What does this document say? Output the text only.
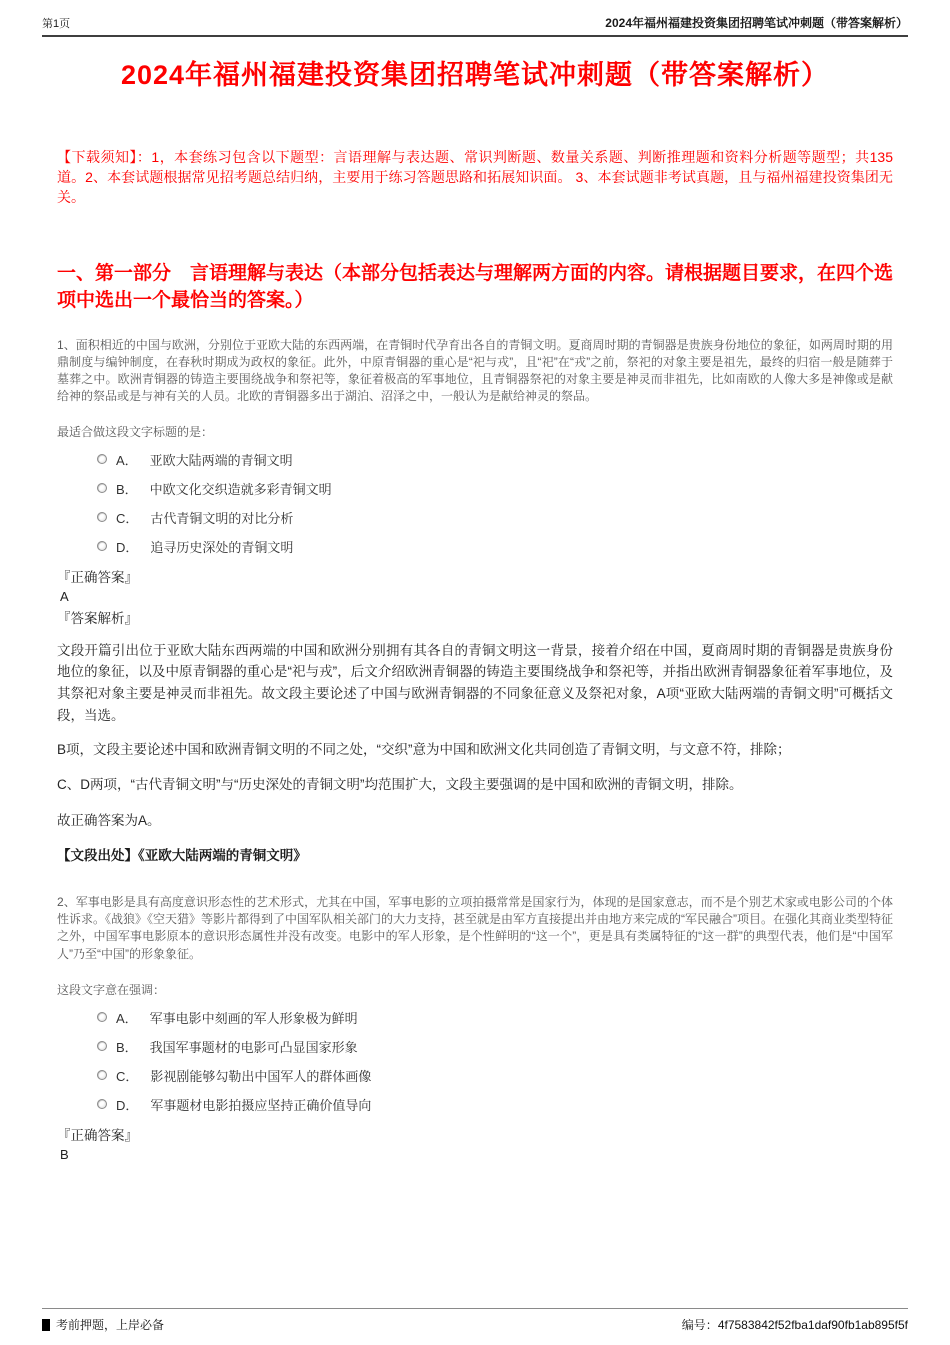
第1页	2024年福州福建投资集团招聘笔试冲刺题（带答案解析）
2024年福州福建投资集团招聘笔试冲刺题（带答案解析）

【下载须知】：1，本套练习包含以下题型：言语理解与表达题、常识判断题、数量关系题、判断推理题和资料分析题等题型；共135道。2、本套试题根据常见招考题总结归纳，主要用于练习答题思路和拓展知识面。 3、本套试题非考试真题，且与福州福建投资集团无关。

一、第一部分　言语理解与表达（本部分包括表达与理解两方面的内容。请根据题目要求，在四个选项中选出一个最恰当的答案。）

1、面积相近的中国与欧洲，分别位于亚欧大陆的东西两端，在青铜时代孕育出各自的青铜文明。夏商周时期的青铜器是贵族身份地位的象征，如两周时期的用鼎制度与编钟制度，在春秋时期成为政权的象征。此外，中原青铜器的重心是“祀与戎”，且“祀”在“戎”之前，祭祀的对象主要是祖先，最终的归宿一般是随葬于墓葬之中。欧洲青铜器的铸造主要围绕战争和祭祀等，象征着极高的军事地位，且青铜器祭祀的对象主要是神灵而非祖先，比如南欧的人像大多是神像或是献给神的祭品或是与神有关的人员。北欧的青铜器多出于湖泊、沼泽之中，一般认为是献给神灵的祭品。

最适合做这段文字标题的是：

A． 亚欧大陆两端的青铜文明
B． 中欧文化交织造就多彩青铜文明
C． 古代青铜文明的对比分析
D． 追寻历史深处的青铜文明

『正确答案』

A

『答案解析』

文段开篇引出位于亚欧大陆东西两端的中国和欧洲分别拥有其各自的青铜文明这一背景，接着介绍在中国，夏商周时期的青铜器是贵族身份地位的象征，以及中原青铜器的重心是“祀与戎”，后文介绍欧洲青铜器的铸造主要围绕战争和祭祀等，并指出欧洲青铜器象征着军事地位，及其祭祀对象主要是神灵而非祖先。故文段主要论述了中国与欧洲青铜器的不同象征意义及祭祀对象，A项“亚欧大陆两端的青铜文明”可概括文段，当选。

B项，文段主要论述中国和欧洲青铜文明的不同之处，“交织”意为中国和欧洲文化共同创造了青铜文明，与文意不符，排除；

C、D两项，“古代青铜文明”与“历史深处的青铜文明”均范围扩大，文段主要强调的是中国和欧洲的青铜文明，排除。

故正确答案为A。

【文段出处】《亚欧大陆两端的青铜文明》

2、军事电影是具有高度意识形态性的艺术形式，尤其在中国，军事电影的立项拍摄常常是国家行为，体现的是国家意志，而不是个别艺术家或电影公司的个体性诉求。《战狼》《空天猎》等影片都得到了中国军队相关部门的大力支持，甚至就是由军方直接提出并由地方来完成的“军民融合”项目。在强化其商业类型特征之外，中国军事电影原本的意识形态属性并没有改变。电影中的军人形象，是个性鲜明的“这一个”，更是具有类属特征的“这一群”的典型代表，他们是“中国军人”乃至“中国”的形象象征。

这段文字意在强调：

A． 军事电影中刻画的军人形象极为鲜明
B． 我国军事题材的电影可凸显国家形象
C． 影视剧能够勾勒出中国军人的群体画像
D． 军事题材电影拍摄应坚持正确价值导向

『正确答案』

B

考前押题，上岸必备	编号：4f7583842f52fba1daf90fb1ab895f5f
